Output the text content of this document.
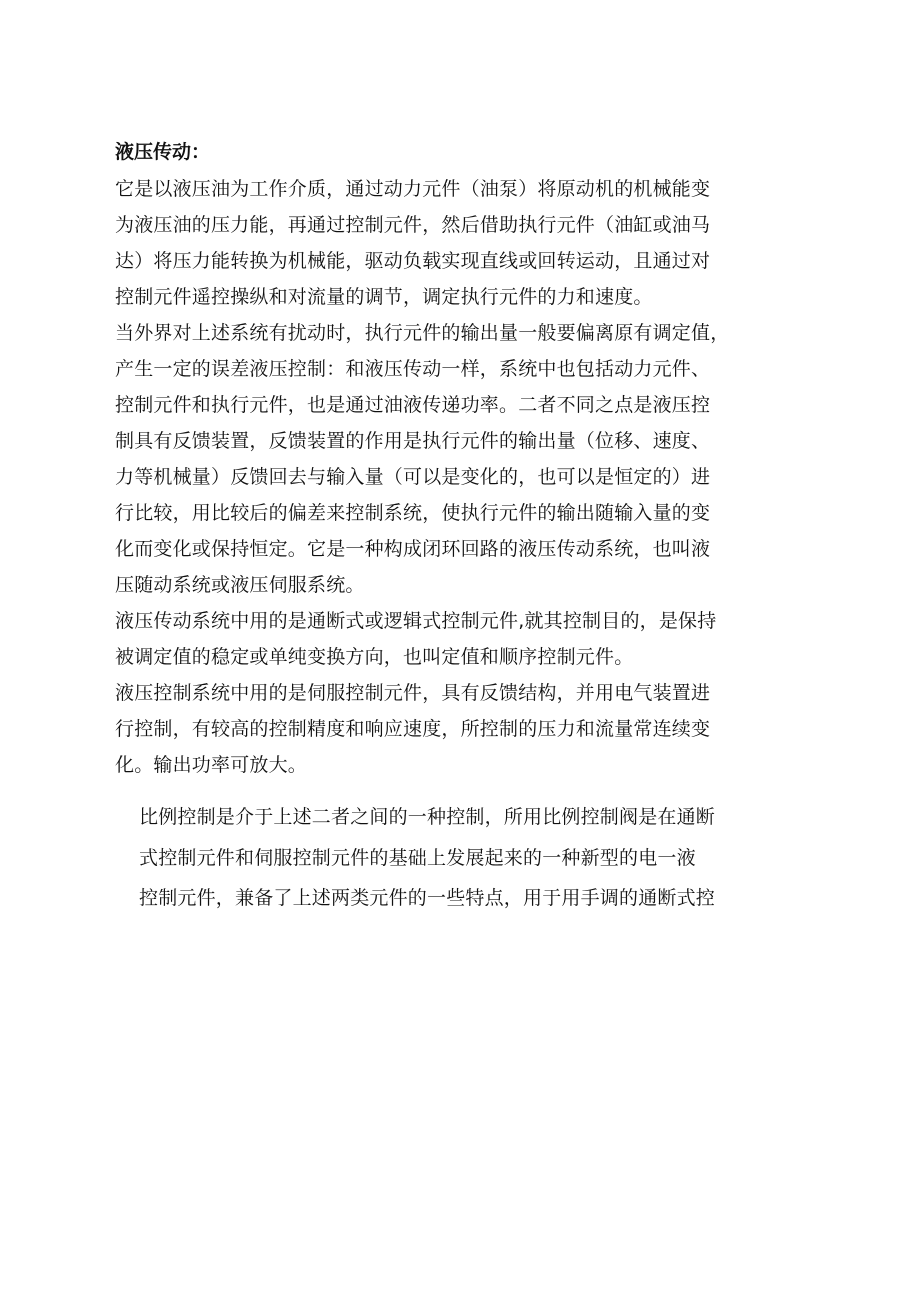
液压传动：
它是以液压油为工作介质，通过动力元件（油泵）将原动机的机械能变
为液压油的压力能，再通过控制元件，然后借助执行元件（油缸或油马
达）将压力能转换为机械能，驱动负载实现直线或回转运动，且通过对
控制元件遥控操纵和对流量的调节，调定执行元件的力和速度。
当外界对上述系统有扰动时，执行元件的输出量一般要偏离原有调定值，
产生一定的误差液压控制：和液压传动一样，系统中也包括动力元件、
控制元件和执行元件，也是通过油液传递功率。二者不同之点是液压控
制具有反馈装置，反馈装置的作用是执行元件的输出量（位移、速度、
力等机械量）反馈回去与输入量（可以是变化的，也可以是恒定的）进
行比较，用比较后的偏差来控制系统，使执行元件的输出随输入量的变
化而变化或保持恒定。它是一种构成闭环回路的液压传动系统，也叫液
压随动系统或液压伺服系统。
液压传动系统中用的是通断式或逻辑式控制元件,就其控制目的，是保持
被调定值的稳定或单纯变换方向，也叫定值和顺序控制元件。
液压控制系统中用的是伺服控制元件，具有反馈结构，并用电气装置进
行控制，有较高的控制精度和响应速度，所控制的压力和流量常连续变
化。输出功率可放大。
比例控制是介于上述二者之间的一种控制，所用比例控制阀是在通断
式控制元件和伺服控制元件的基础上发展起来的一种新型的电一液
控制元件，兼备了上述两类元件的一些特点，用于用手调的通断式控
